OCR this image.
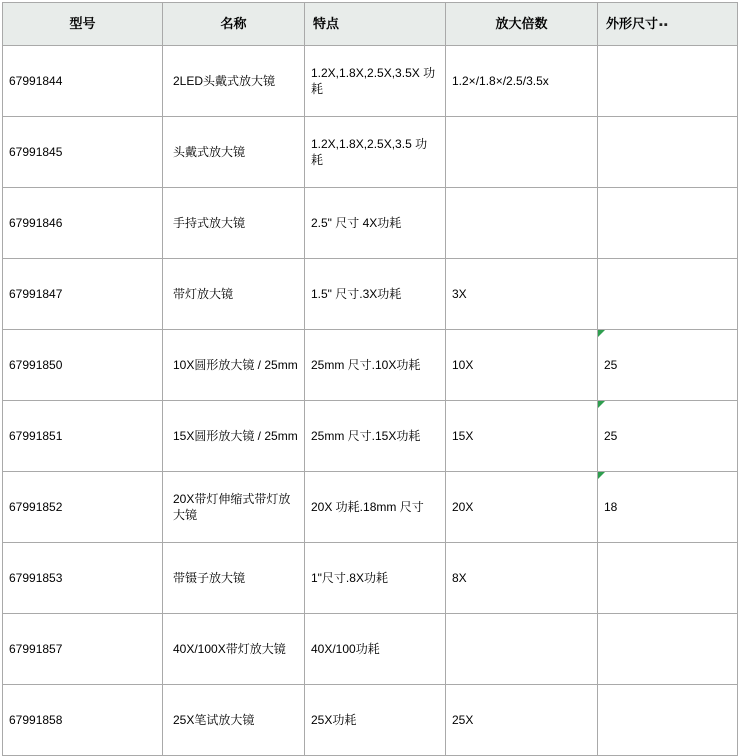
型号	名称	特点	放大倍数	外形尺寸▪▪
67991844	2LED头戴式放大镜	1.2X,1.8X,2.5X,3.5X 功耗	1.2×/1.8×/2.5/3.5x	
67991845	头戴式放大镜	1.2X,1.8X,2.5X,3.5 功耗		
67991846	手持式放大镜	2.5" 尺寸 4X功耗		
67991847	带灯放大镜	1.5" 尺寸.3X功耗	3X	
67991850	10X圆形放大镜 / 25mm	25mm 尺寸.10X功耗	10X	25
67991851	15X圆形放大镜 / 25mm	25mm 尺寸.15X功耗	15X	25
67991852	20X带灯伸缩式带灯放大镜	20X 功耗.18mm 尺寸	20X	18
67991853	带镊子放大镜	1"尺寸.8X功耗	8X	
67991857	40X/100X带灯放大镜	40X/100功耗		
67991858	25X笔试放大镜	25X功耗	25X	
